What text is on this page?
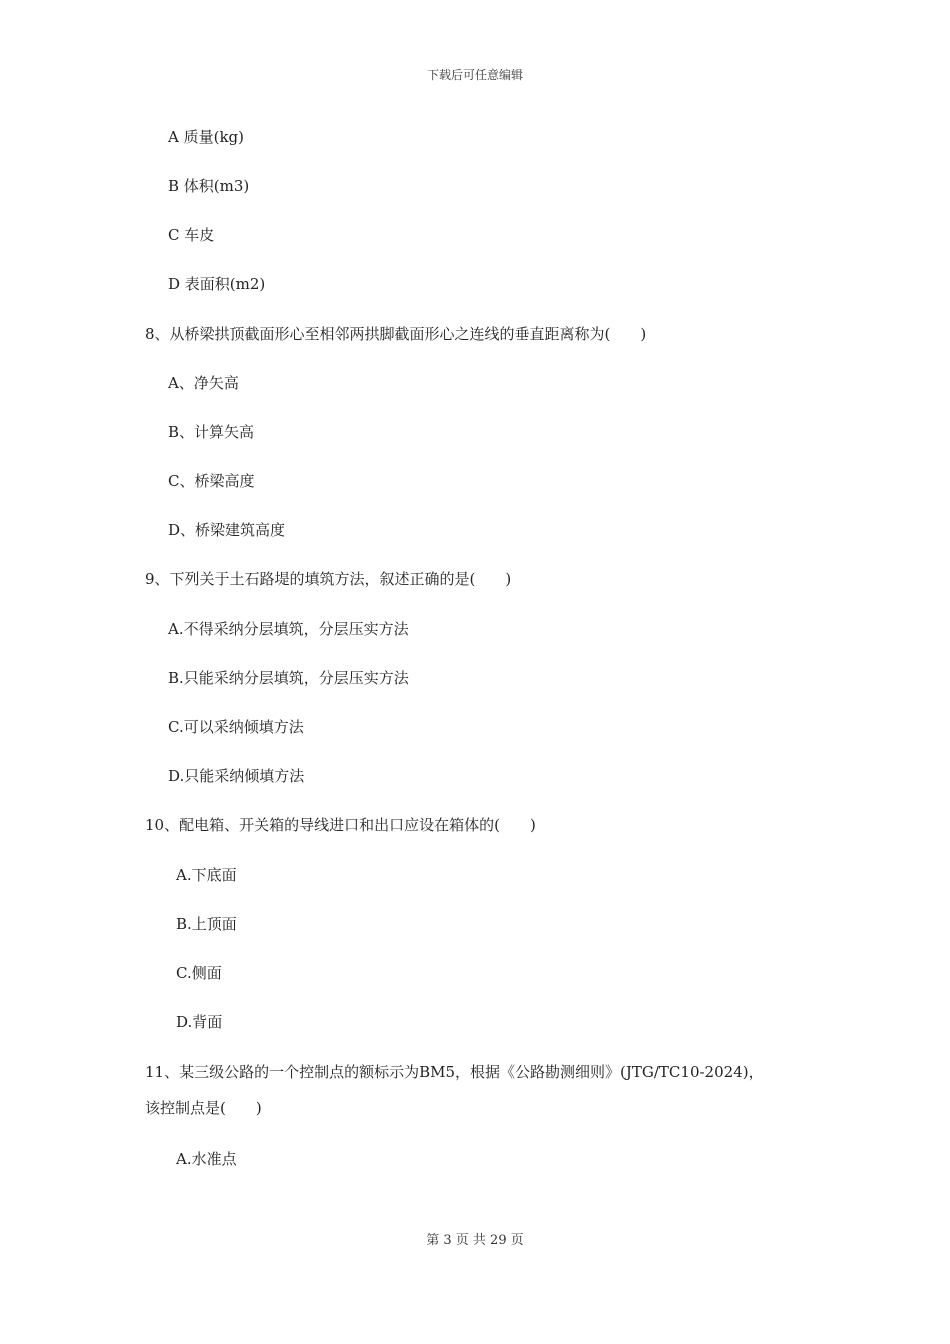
下载后可任意编辑
A 质量(kg)
B 体积(m3)
C 车皮
D 表面积(m2)
8、从桥梁拱顶截面形心至相邻两拱脚截面形心之连线的垂直距离称为(　　)
A、净矢高
B、计算矢高
C、桥梁高度
D、桥梁建筑高度
9、下列关于土石路堤的填筑方法，叙述正确的是(　　)
A.不得采纳分层填筑，分层压实方法
B.只能采纳分层填筑，分层压实方法
C.可以采纳倾填方法
D.只能采纳倾填方法
10、配电箱、开关箱的导线进口和出口应设在箱体的(　　)
A.下底面
B.上顶面
C.侧面
D.背面
11、某三级公路的一个控制点的额标示为BM5，根据《公路勘测细则》(JTG/TC10-2024)，
该控制点是(　　)
A.水准点
第 3 页 共 29 页
